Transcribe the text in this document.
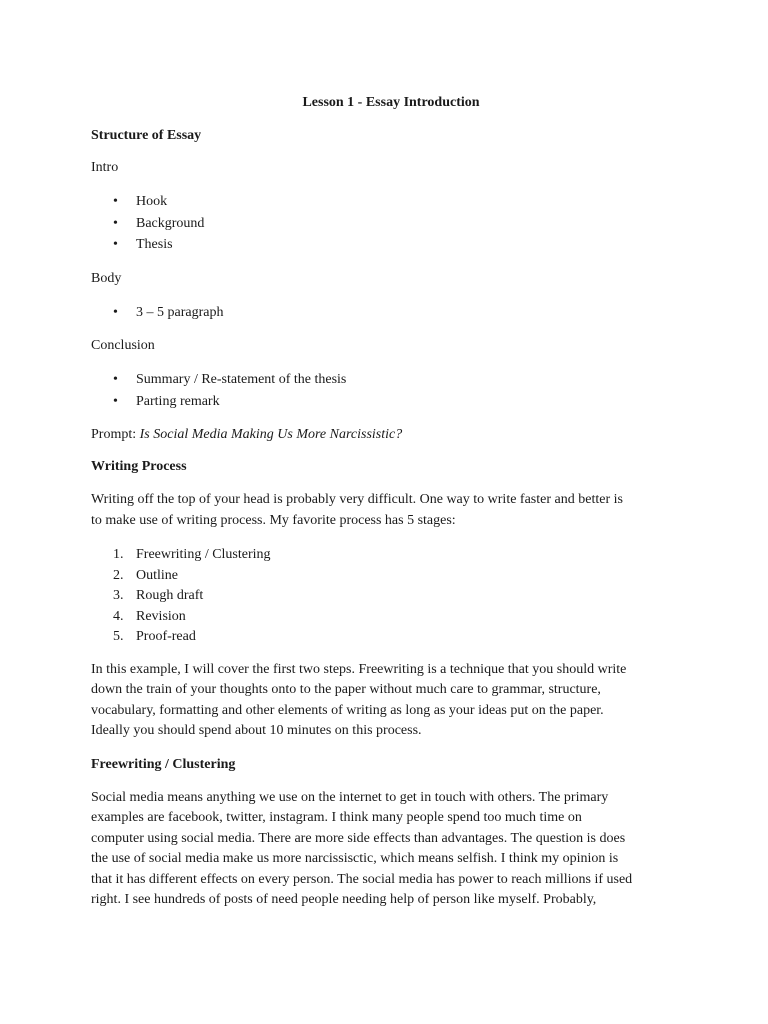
Lesson 1 - Essay Introduction
Structure of Essay

Intro

• Hook
• Background
• Thesis

Body

• 3 – 5 paragraph

Conclusion

• Summary / Re-statement of the thesis
• Parting remark

Prompt: Is Social Media Making Us More Narcissistic?

Writing Process

Writing off the top of your head is probably very difficult. One way to write faster and better is
to make use of writing process. My favorite process has 5 stages:

1. Freewriting / Clustering
2. Outline
3. Rough draft
4. Revision
5. Proof-read

In this example, I will cover the first two steps. Freewriting is a technique that you should write
down the train of your thoughts onto to the paper without much care to grammar, structure,
vocabulary, formatting and other elements of writing as long as your ideas put on the paper.
Ideally you should spend about 10 minutes on this process.

Freewriting / Clustering

Social media means anything we use on the internet to get in touch with others. The primary
examples are facebook, twitter, instagram. I think many people spend too much time on
computer using social media. There are more side effects than advantages. The question is does
the use of social media make us more narcissisctic, which means selfish. I think my opinion is
that it has different effects on every person. The social media has power to reach millions if used
right. I see hundreds of posts of need people needing help of person like myself. Probably,
